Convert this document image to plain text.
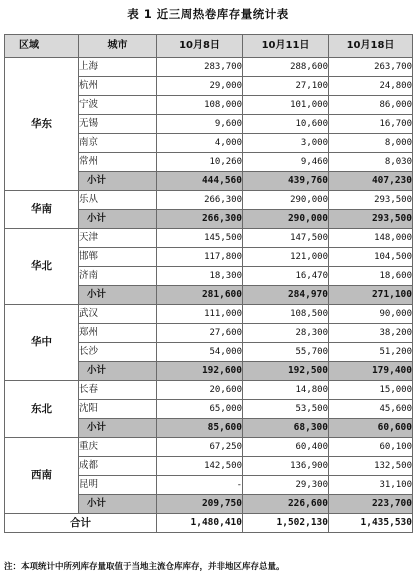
表 1 近三周热卷库存量统计表
区域	城市	10月8日	10月11日	10月18日
华东	上海	283,700	288,600	263,700
	杭州	29,000	27,100	24,800
	宁波	108,000	101,000	86,000
	无锡	9,600	10,600	16,700
	南京	4,000	3,000	8,000
	常州	10,260	9,460	8,030
	小计	444,560	439,760	407,230
华南	乐从	266,300	290,000	293,500
	小计	266,300	290,000	293,500
华北	天津	145,500	147,500	148,000
	邯郸	117,800	121,000	104,500
	济南	18,300	16,470	18,600
	小计	281,600	284,970	271,100
华中	武汉	111,000	108,500	90,000
	郑州	27,600	28,300	38,200
	长沙	54,000	55,700	51,200
	小计	192,600	192,500	179,400
东北	长春	20,600	14,800	15,000
	沈阳	65,000	53,500	45,600
	小计	85,600	68,300	60,600
西南	重庆	67,250	60,400	60,100
	成都	142,500	136,900	132,500
	昆明	-	29,300	31,100
	小计	209,750	226,600	223,700
合计		1,480,410	1,502,130	1,435,530
注：本项统计中所列库存量取值于当地主流仓库库存，并非地区库存总量。
